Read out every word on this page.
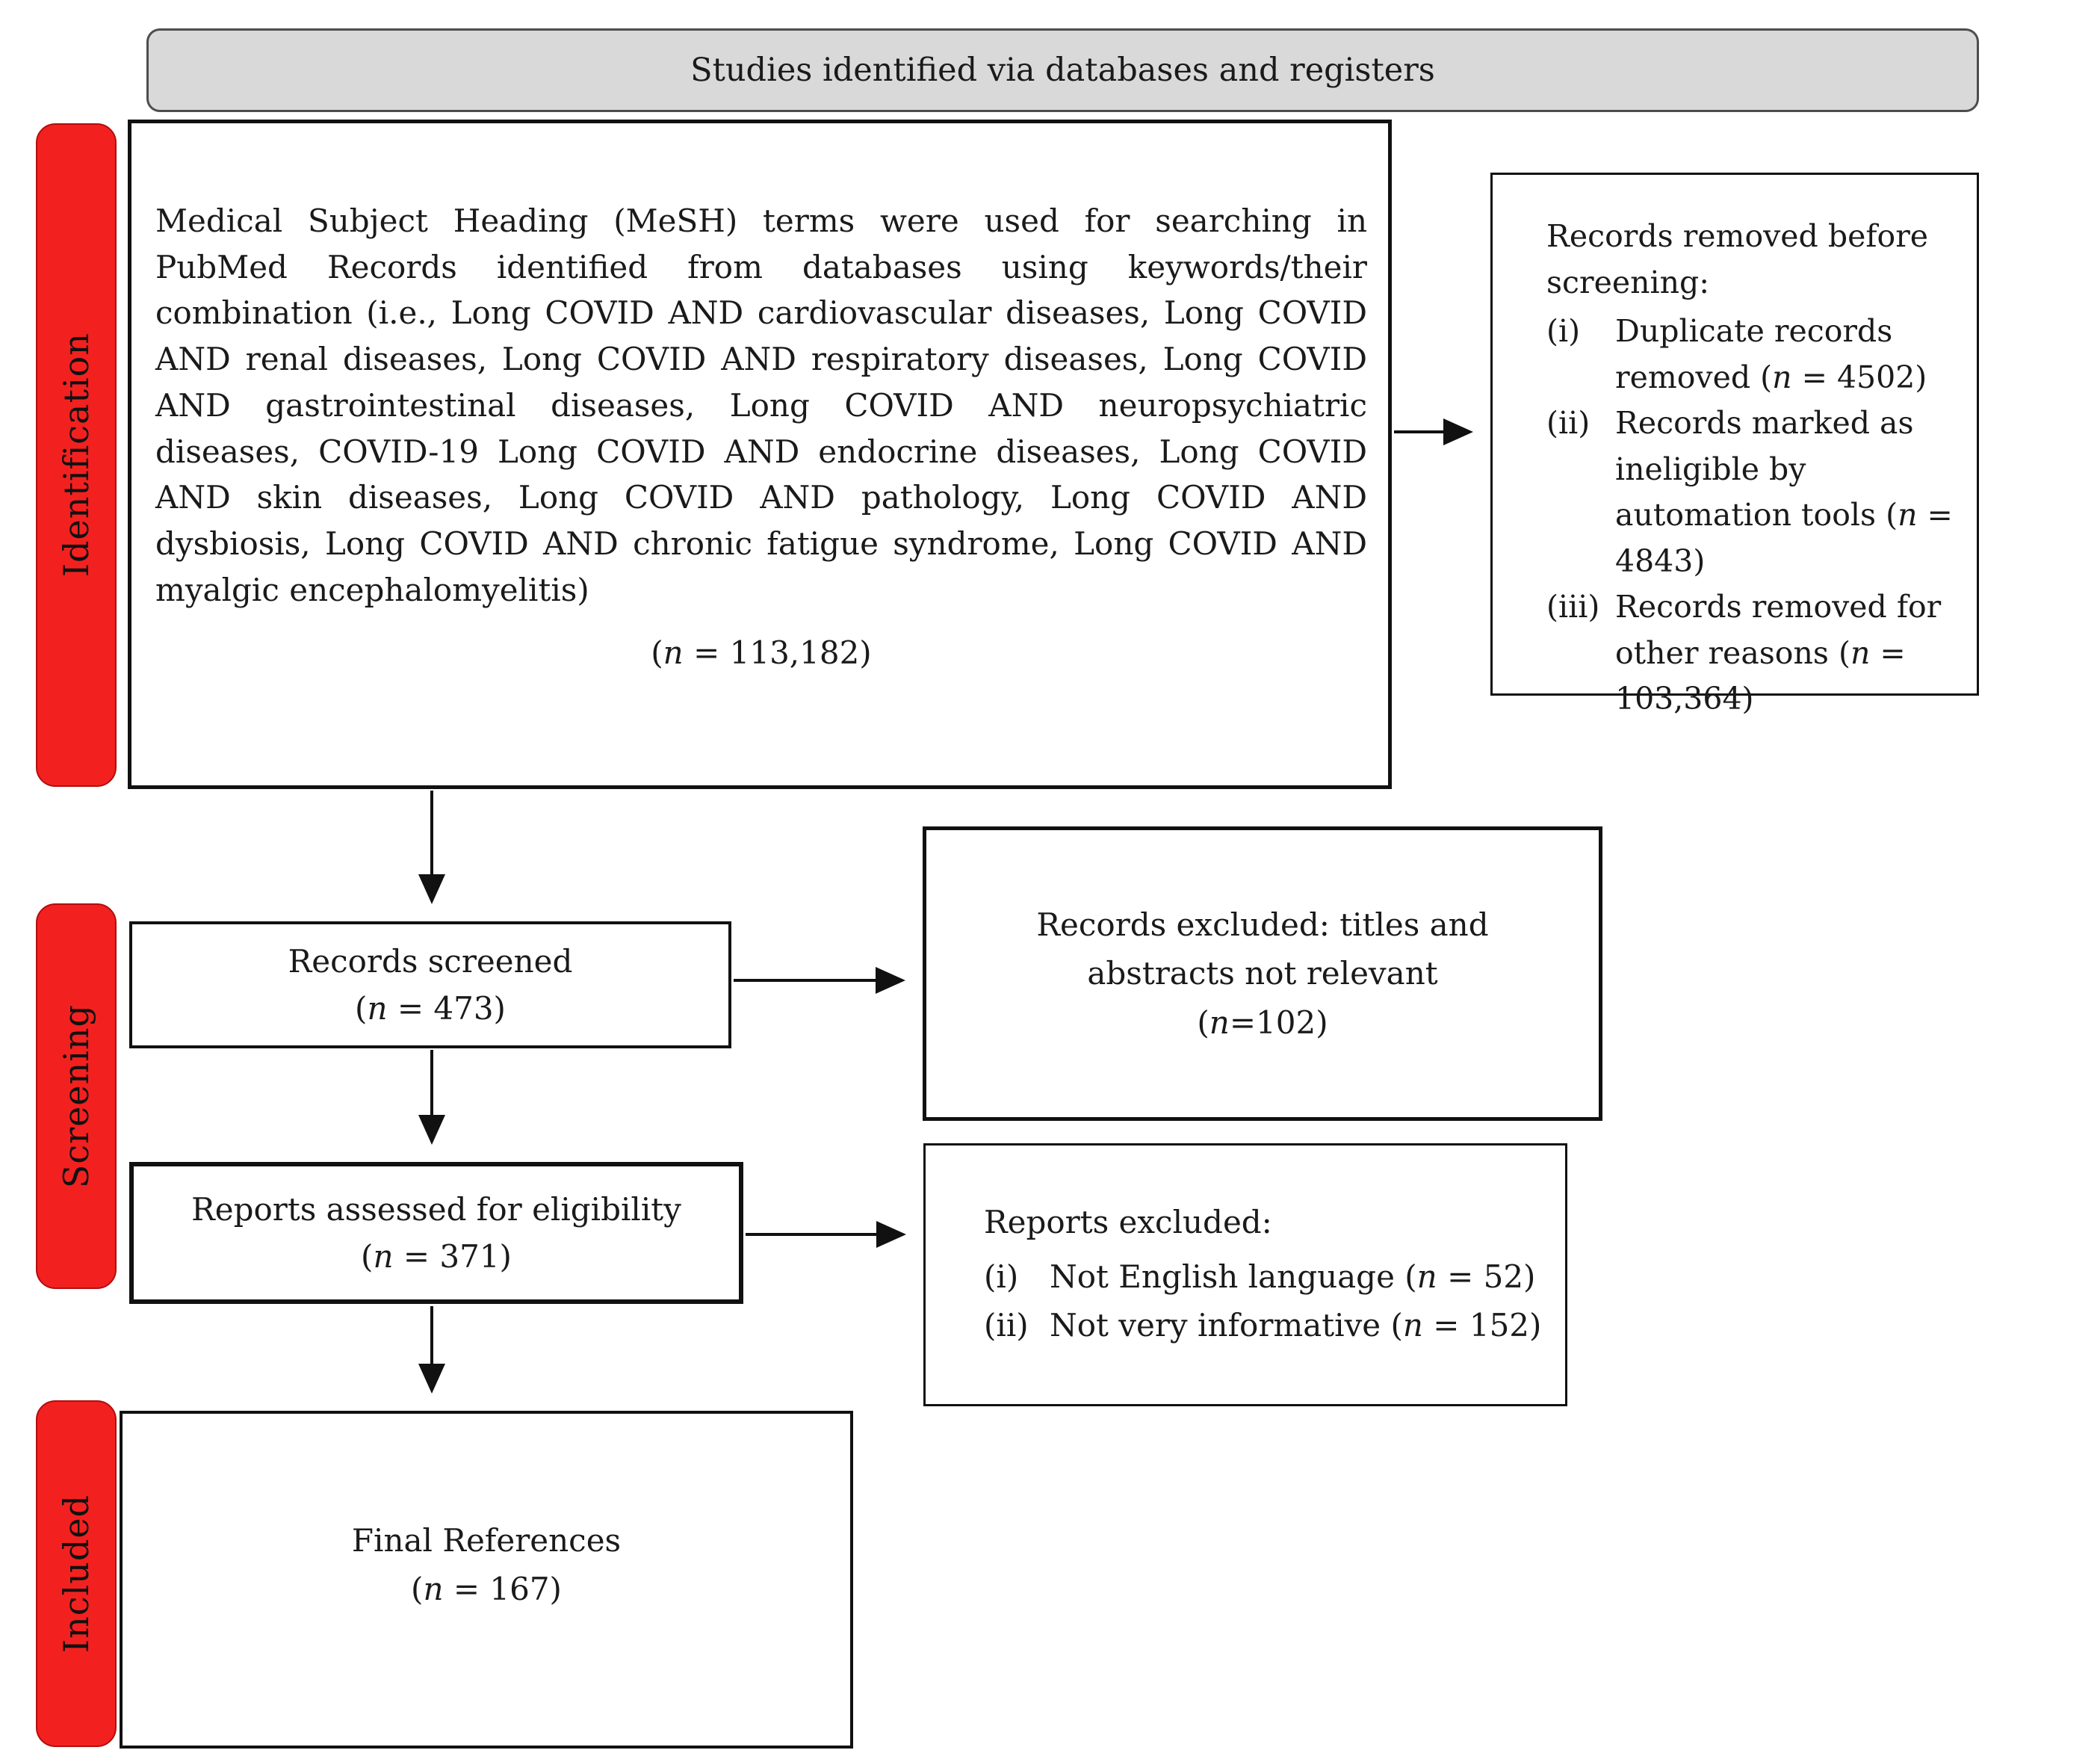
Studies identified via databases and registers
Identification
Screening
Included
Medical Subject Heading (MeSH) terms were used for searching in PubMed Records identified from databases using keywords/their combination (i.e., Long COVID AND cardiovascular diseases, Long COVID AND renal diseases, Long COVID AND respiratory diseases, Long COVID AND gastrointestinal diseases, Long COVID AND neuropsychiatric diseases, COVID-19 Long COVID AND endocrine diseases, Long COVID AND skin diseases, Long COVID AND pathology, Long COVID AND dysbiosis, Long COVID AND chronic fatigue syndrome, Long COVID AND myalgic encephalomyelitis)
(n = 113,182)
Records removed before screening:
(i)	Duplicate records removed (n = 4502)
(ii) Records marked as ineligible by automation tools (n = 4843)
(iii) Records removed for other reasons (n = 103,364)
Records screened
(n = 473)
Records excluded: titles and abstracts not relevant
(n=102)
Reports assessed for eligibility
(n = 371)
Reports excluded:
(i) Not English language (n = 52)
(ii) Not very informative (n = 152)
Final References
(n = 167)
